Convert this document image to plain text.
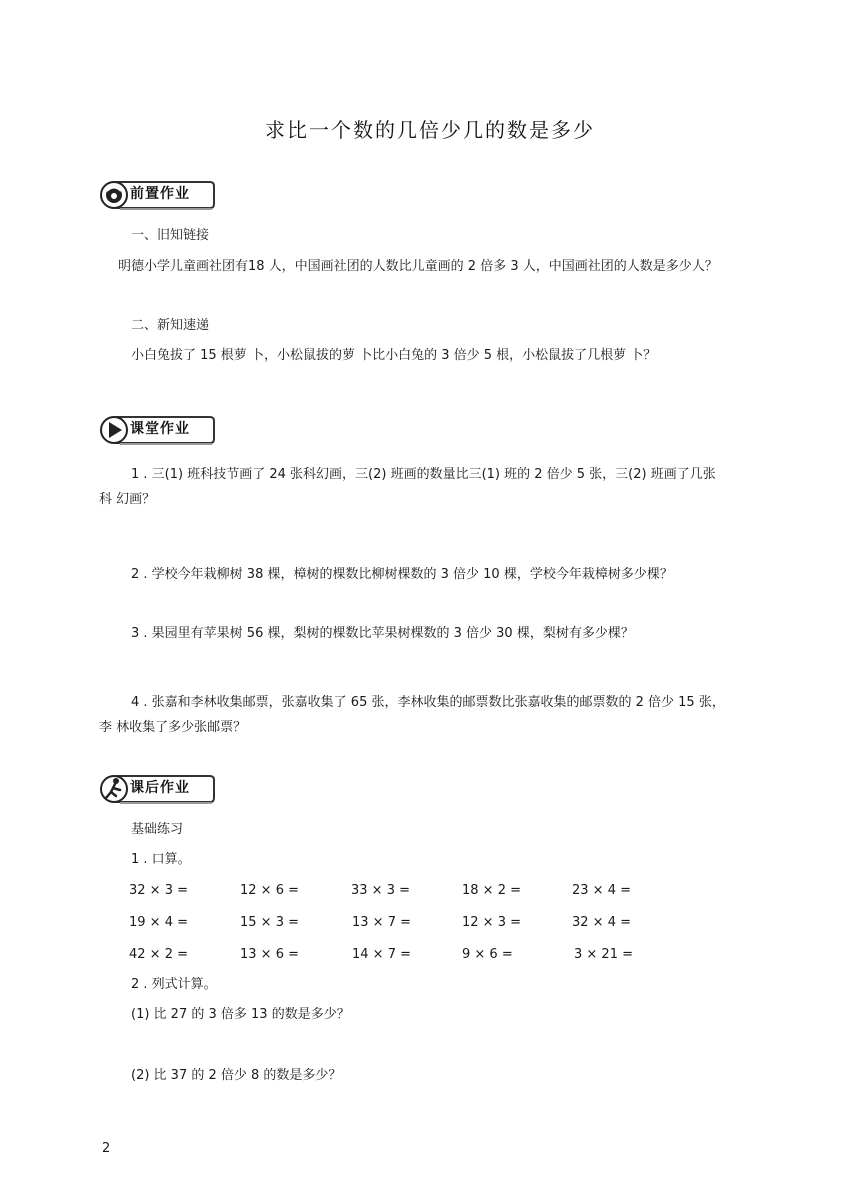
求比一个数的几倍少几的数是多少
前置作业
一、旧知链接
明德小学儿童画社团有18 人，中国画社团的人数比儿童画的 2 倍多 3 人，中国画社团的人数是多少人？
二、新知速递
小白兔拔了 15 根萝 卜，小松鼠拔的萝 卜比小白兔的 3 倍少 5 根，小松鼠拔了几根萝 卜？
课堂作业
1 . 三(1) 班科技节画了 24 张科幻画，三(2) 班画的数量比三(1) 班的 2 倍少 5 张，三(2) 班画了几张
科 幻画？
2 . 学校今年栽柳树 38 棵，樟树的棵数比柳树棵数的 3 倍少 10 棵，学校今年栽樟树多少棵？
3 . 果园里有苹果树 56 棵，梨树的棵数比苹果树棵数的 3 倍少 30 棵，梨树有多少棵？
4 . 张嘉和李林收集邮票，张嘉收集了 65 张，李林收集的邮票数比张嘉收集的邮票数的 2 倍少 15 张，
李 林收集了多少张邮票？
课后作业
基础练习
1 . 口算。
32 × 3 =	12 × 6 =	33 × 3 =	18 × 2 =	23 × 4 =
19 × 4 =	15 × 3 =	13 × 7 =	12 × 3 =	32 × 4 =
42 × 2 =	13 × 6 =	14 × 7 =	9 × 6 =	3 × 21 =
2 . 列式计算。
(1) 比 27 的 3 倍多 13 的数是多少？
(2) 比 37 的 2 倍少 8 的数是多少？
2
